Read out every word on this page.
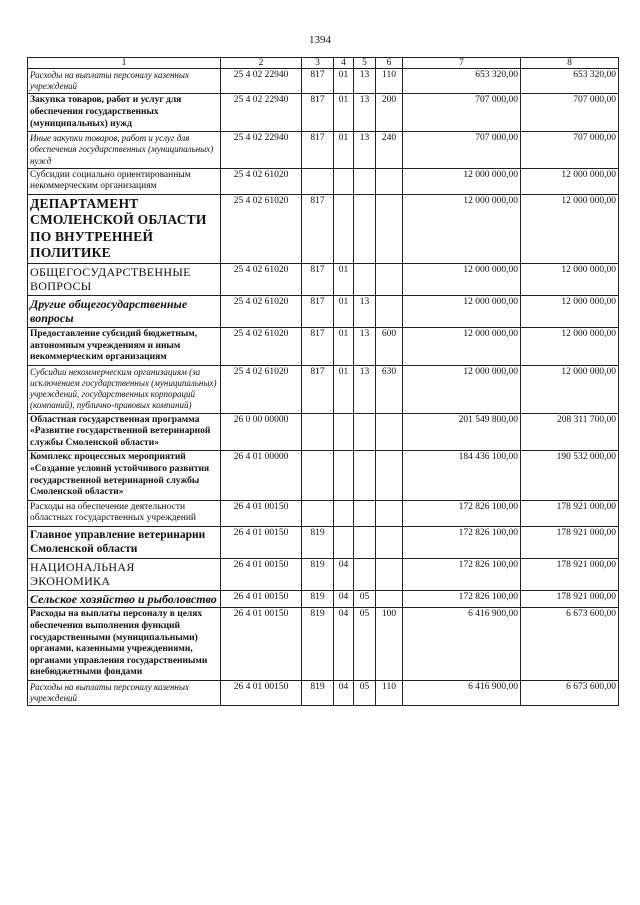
1394
1	2	3	4	5	6	7	8
Расходы на выплаты персоналу казенных учреждений	25 4 02 22940	817	01	13	110	653 320,00	653 320,00
Закупка товаров, работ и услуг для обеспечения государственных (муниципальных) нужд	25 4 02 22940	817	01	13	200	707 000,00	707 000,00
Иные закупки товаров, работ и услуг для обеспечения государственных (муниципальных) нужд	25 4 02 22940	817	01	13	240	707 000,00	707 000,00
Субсидии социально ориентированным некоммерческим организациям	25 4 02 61020					12 000 000,00	12 000 000,00
ДЕПАРТАМЕНТ СМОЛЕНСКОЙ ОБЛАСТИ ПО ВНУТРЕННЕЙ ПОЛИТИКЕ	25 4 02 61020	817				12 000 000,00	12 000 000,00
ОБЩЕГОСУДАРСТВЕННЫЕ ВОПРОСЫ	25 4 02 61020	817	01			12 000 000,00	12 000 000,00
Другие общегосударственные вопросы	25 4 02 61020	817	01	13		12 000 000,00	12 000 000,00
Предоставление субсидий бюджетным, автономным учреждениям и иным некоммерческим организациям	25 4 02 61020	817	01	13	600	12 000 000,00	12 000 000,00
Субсидии некоммерческим организациям (за исключением государственных (муниципальных) учреждений, государственных корпораций (компаний), публично-правовых компаний)	25 4 02 61020	817	01	13	630	12 000 000,00	12 000 000,00
Областная государственная программа «Развитие государственной ветеринарной службы Смоленской области»	26 0 00 00000					201 549 800,00	208 311 700,00
Комплекс процессных мероприятий «Создание условий устойчивого развития государственной ветеринарной службы Смоленской области»	26 4 01 00000					184 436 100,00	190 532 000,00
Расходы на обеспечение деятельности областных государственных учреждений	26 4 01 00150					172 826 100,00	178 921 000,00
Главное управление ветеринарии Смоленской области	26 4 01 00150	819				172 826 100,00	178 921 000,00
НАЦИОНАЛЬНАЯ ЭКОНОМИКА	26 4 01 00150	819	04			172 826 100,00	178 921 000,00
Сельское хозяйство и рыболовство	26 4 01 00150	819	04	05		172 826 100,00	178 921 000,00
Расходы на выплаты персоналу в целях обеспечения выполнения функций государственными (муниципальными) органами, казенными учреждениями, органами управления государственными внебюджетными фондами	26 4 01 00150	819	04	05	100	6 416 900,00	6 673 600,00
Расходы на выплаты персоналу казенных учреждений	26 4 01 00150	819	04	05	110	6 416 900,00	6 673 600,00
